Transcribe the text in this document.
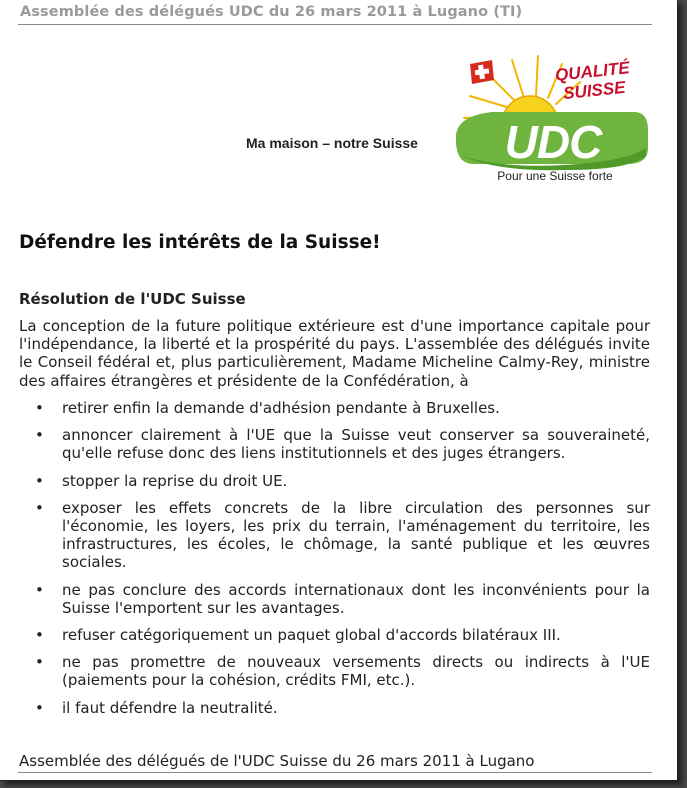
Assemblée des délégués UDC du 26 mars 2011 à Lugano (TI)
Ma maison – notre Suisse
QUALITÉ
SUISSE
UDC
Pour une Suisse forte
Défendre les intérêts de la Suisse!
Résolution de l'UDC Suisse
La conception de la future politique extérieure est d'une importance capitale pour l'indépendance, la liberté et la prospérité du pays. L'assemblée des délégués invite le Conseil fédéral et, plus particulièrement, Madame Micheline Calmy-Rey, ministre des affaires étrangères et présidente de la Confédération, à
• retirer enfin la demande d'adhésion pendante à Bruxelles.
• annoncer clairement à l'UE que la Suisse veut conserver sa souveraineté, qu'elle refuse donc des liens institutionnels et des juges étrangers.
• stopper la reprise du droit UE.
• exposer les effets concrets de la libre circulation des personnes sur l'économie, les loyers, les prix du terrain, l'aménagement du territoire, les infrastructures, les écoles, le chômage, la santé publique et les œuvres sociales.
• ne pas conclure des accords internationaux dont les inconvénients pour la Suisse l'emportent sur les avantages.
• refuser catégoriquement un paquet global d'accords bilatéraux III.
• ne pas promettre de nouveaux versements directs ou indirects à l'UE (paiements pour la cohésion, crédits FMI, etc.).
• il faut défendre la neutralité.
Assemblée des délégués de l'UDC Suisse du 26 mars 2011 à Lugano
